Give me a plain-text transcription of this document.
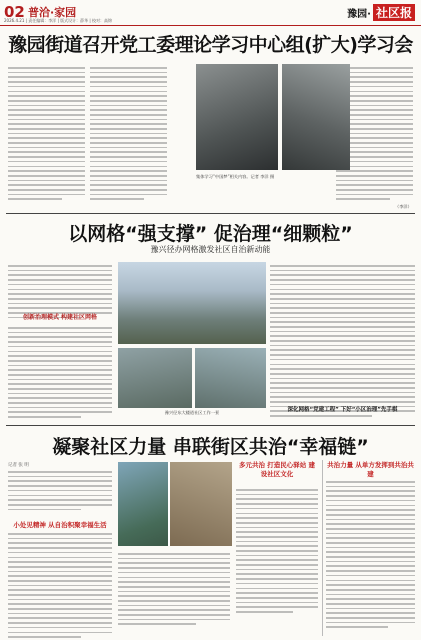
02 普洽·家园
2026.4.21 | 责任编辑：李洋 | 版式设计：薛华 | 校对：高锦
豫园· 社区报
豫园街道召开党工委理论学习中心组(扩大)学习会
集体学习“中国梦”相关内容。记者 李洋 摄
（李洋）
以网格“强支撑” 促治理“细颗粒”
豫兴径办网格激发社区自治新动能
创新治理模式 构建社区网格
豫兴径东大楼道社区工作一景	深化网格“党建工程” 下好“小区治理”先手棋
凝聚社区力量 串联街区共治“幸福链”
记者 张 明
小处见精神 从自治积聚幸福生活
多元共治 打造民心驿站 建设社区文化
共治力量 从单方发挥到共治共建
